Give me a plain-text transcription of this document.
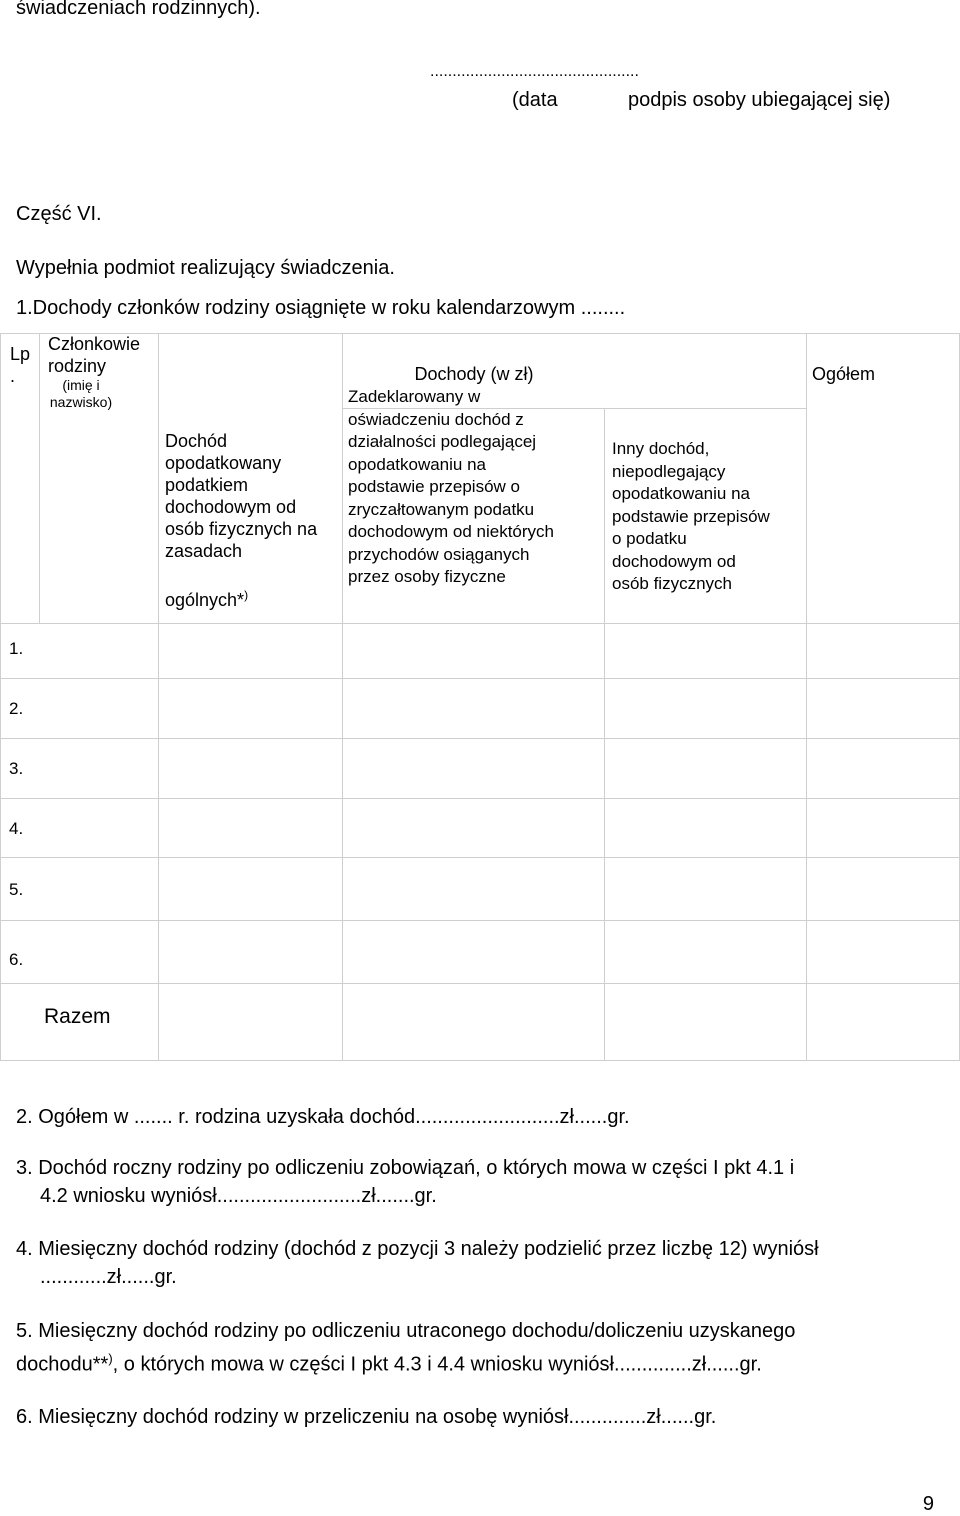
świadczeniach rodzinnych).
...............................................
(data	podpis osoby ubiegającej się)
Część VI.
Wypełnia podmiot realizujący świadczenia.
1.Dochody członków rodziny osiągnięte w roku kalendarzowym ........
Lp
.
Członkowie
rodziny
(imię i
nazwisko)
Dochody (w zł)	Ogółem
Dochód
opodatkowany
podatkiem
dochodowym od
osób fizycznych na
zasadach

ogólnych*)
Zadeklarowany w
oświadczeniu dochód z
działalności podlegającej
opodatkowaniu na
podstawie przepisów o
zryczałtowanym podatku
dochodowym od niektórych
przychodów osiąganych
przez osoby fizyczne
Inny dochód,
niepodlegający
opodatkowaniu na
podstawie przepisów
o podatku
dochodowym od
osób fizycznych
1.
2.
3.
4.
5.
6.
Razem
2. Ogółem w ....... r. rodzina uzyskała dochód..........................zł......gr.
3. Dochód roczny rodziny po odliczeniu zobowiązań, o których mowa w części I pkt 4.1 i
4.2 wniosku wyniósł..........................zł.......gr.
4. Miesięczny dochód rodziny (dochód z pozycji 3 należy podzielić przez liczbę 12) wyniósł
............zł......gr.
5. Miesięczny dochód rodziny po odliczeniu utraconego dochodu/doliczeniu uzyskanego
dochodu**), o których mowa w części I pkt 4.3 i 4.4 wniosku wyniósł..............zł......gr.
6. Miesięczny dochód rodziny w przeliczeniu na osobę wyniósł..............zł......gr.
9
